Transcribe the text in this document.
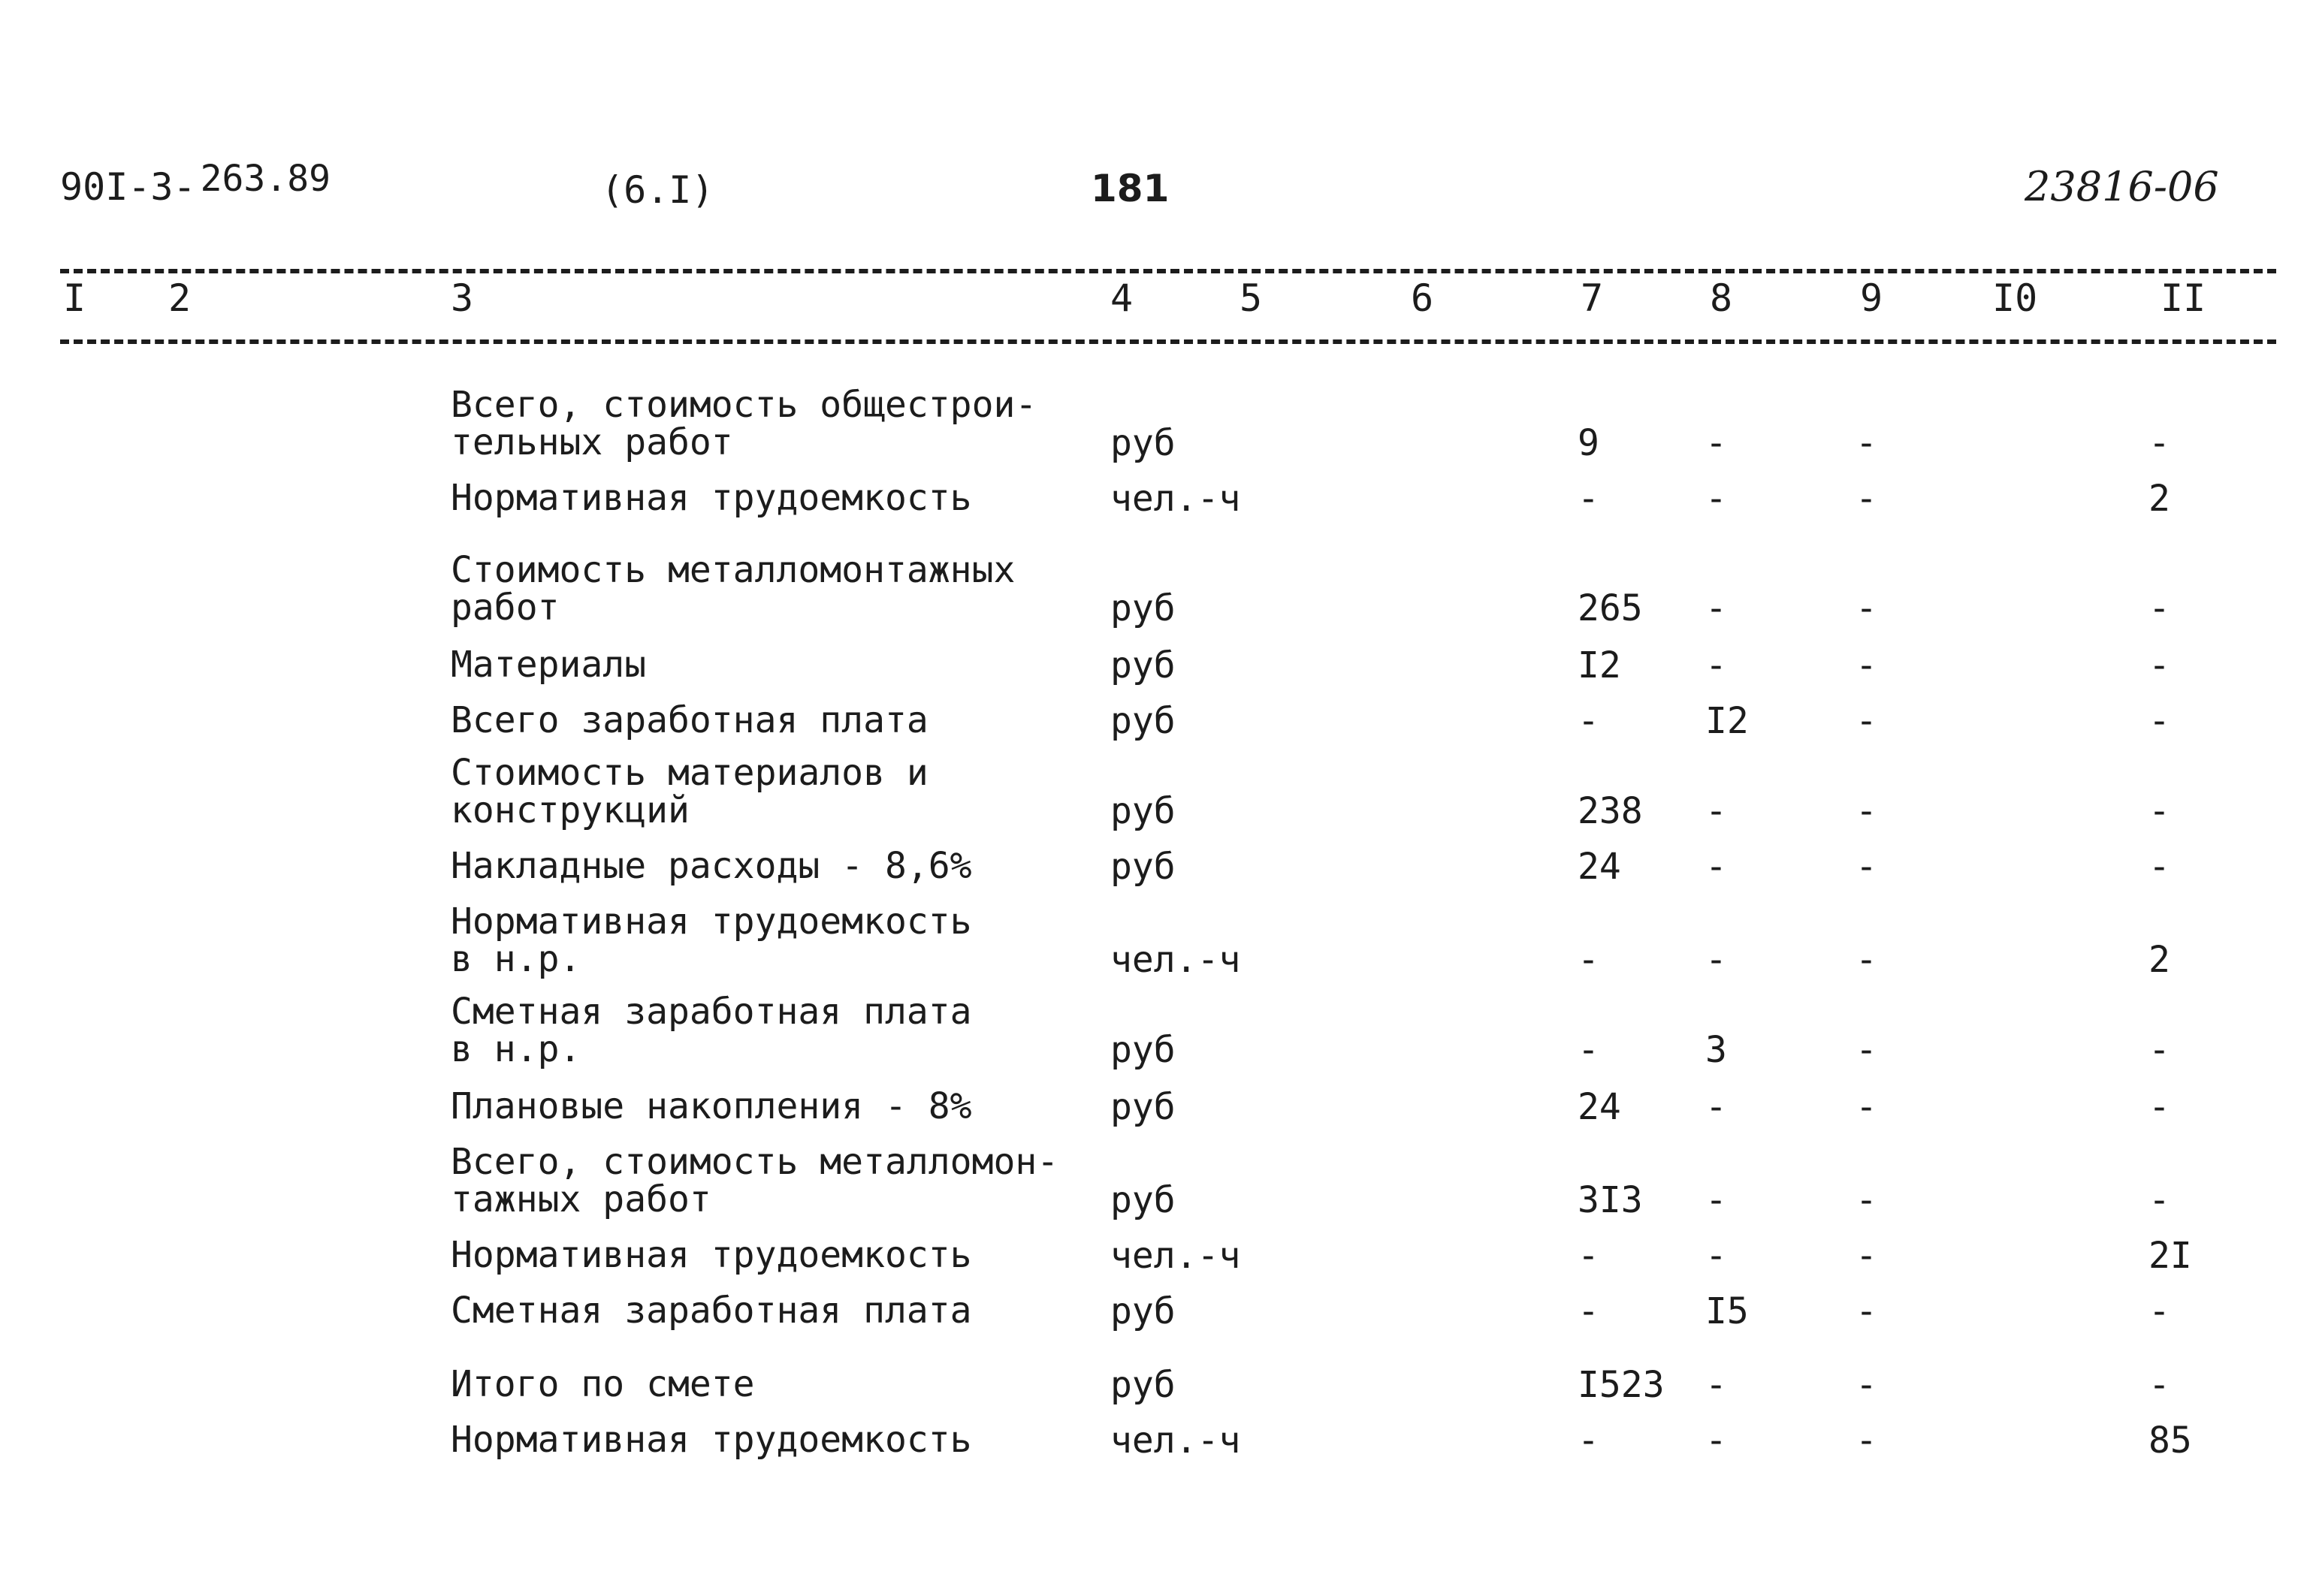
90I-3- 263.89	(6.I)	181	23816-06
I 2	3	4	5	6	7	8	9	I0	II
Всего, стоимость общестрои-
тельных работ	руб	9	-	-	-
Нормативная трудоемкость	чел.-ч	-	-	-	2
Стоимость металломонтажных
работ	руб	265 -	-	-
Материалы	руб	I2 -	-	-
Всего заработная плата	руб	-	I2	-	-
Стоимость материалов и
конструкций	руб	238 -	-	-
Накладные расходы - 8,6%	руб	24 -	-	-
Нормативная трудоемкость
в н.р.	чел.-ч	-	-	-	2
Сметная заработная плата
в н.р.	руб	-	3	-	-
Плановые накопления - 8%	руб	24 -	-	-
Всего, стоимость металломон-
тажных работ	руб	3I3 -	-	-
Нормативная трудоемкость	чел.-ч	-	-	-	2I
Сметная заработная плата	руб	-	I5	-	-
Итого по смете	руб	I523 -	-	-
Нормативная трудоемкость	чел.-ч	-	-	-	85
